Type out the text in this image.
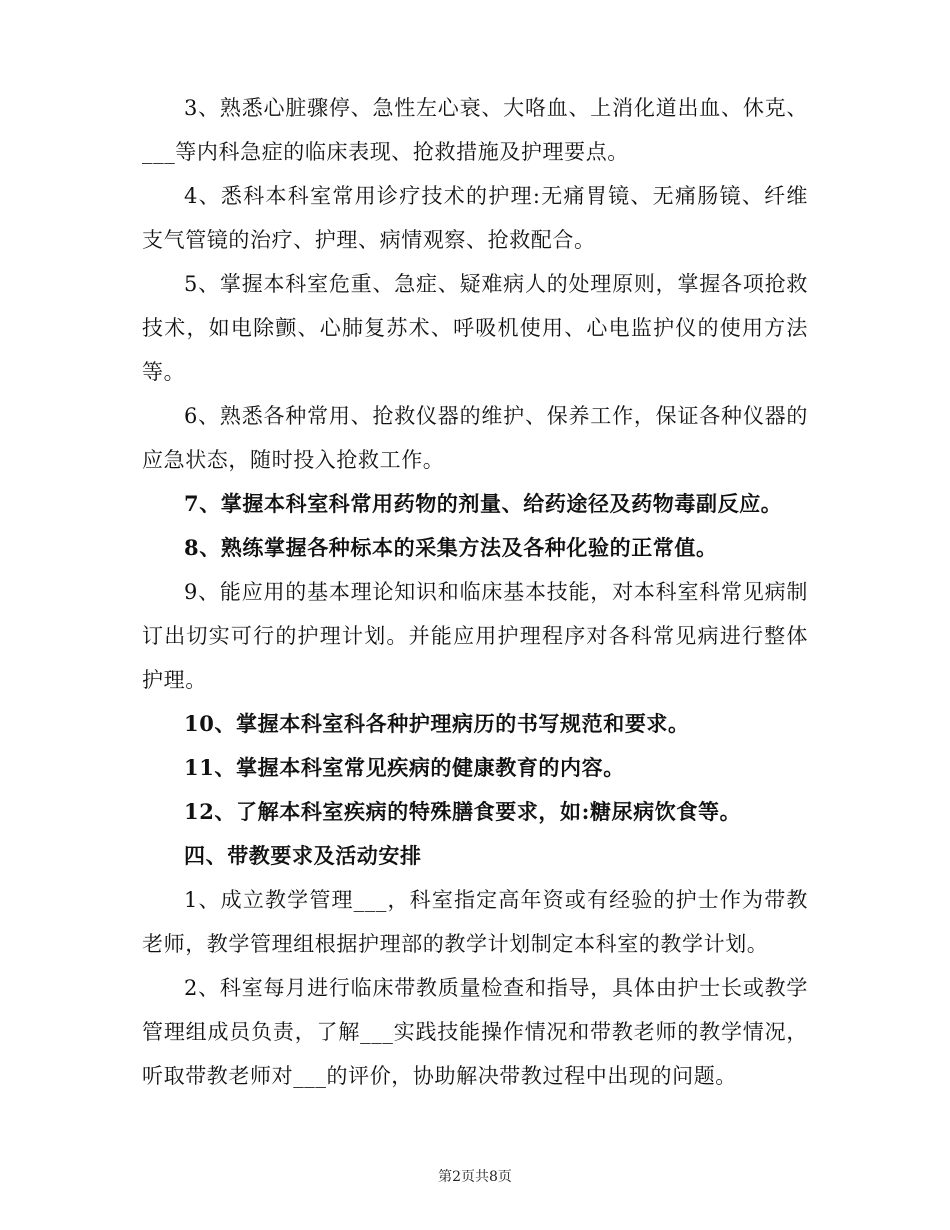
3、熟悉心脏骤停、急性左心衰、大咯血、上消化道出血、休克、___等内科急症的临床表现、抢救措施及护理要点。

4、悉科本科室常用诊疗技术的护理:无痛胃镜、无痛肠镜、纤维支气管镜的治疗、护理、病情观察、抢救配合。

5、掌握本科室危重、急症、疑难病人的处理原则，掌握各项抢救技术，如电除颤、心肺复苏术、呼吸机使用、心电监护仪的使用方法等。

6、熟悉各种常用、抢救仪器的维护、保养工作，保证各种仪器的应急状态，随时投入抢救工作。

7、掌握本科室科常用药物的剂量、给药途径及药物毒副反应。

8、熟练掌握各种标本的采集方法及各种化验的正常值。

9、能应用的基本理论知识和临床基本技能，对本科室科常见病制订出切实可行的护理计划。并能应用护理程序对各科常见病进行整体护理。

10、掌握本科室科各种护理病历的书写规范和要求。

11、掌握本科室常见疾病的健康教育的内容。

12、了解本科室疾病的特殊膳食要求，如:糖尿病饮食等。

四、带教要求及活动安排

1、成立教学管理___，科室指定高年资或有经验的护士作为带教老师，教学管理组根据护理部的教学计划制定本科室的教学计划。

2、科室每月进行临床带教质量检查和指导，具体由护士长或教学管理组成员负责，了解___实践技能操作情况和带教老师的教学情况，听取带教老师对___的评价，协助解决带教过程中出现的问题。

第2页共8页
